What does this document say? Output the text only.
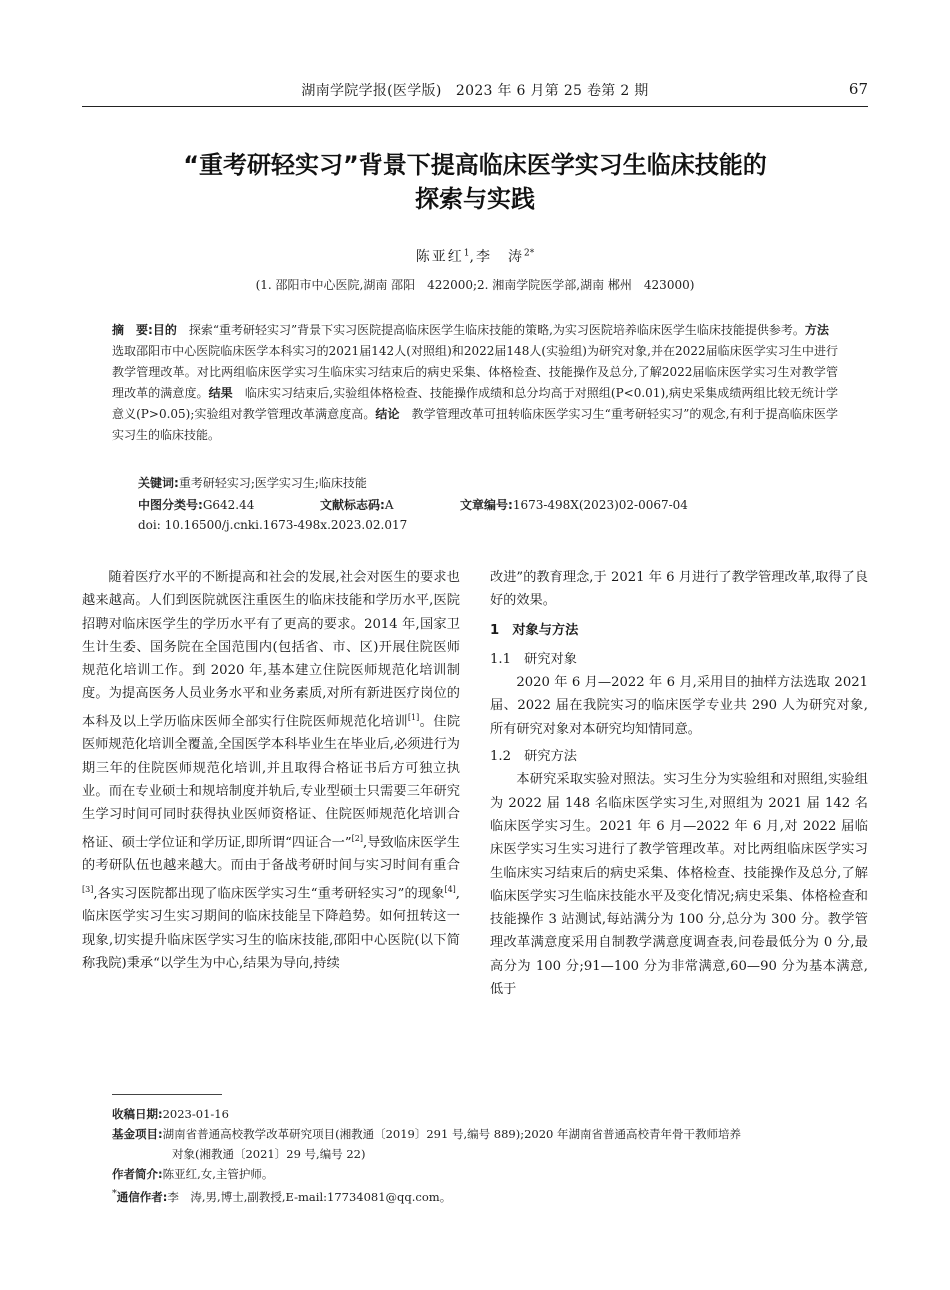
湖南学院学报(医学版)　2023 年 6 月第 25 卷第 2 期	67
“重考研轻实习”背景下提高临床医学实习生临床技能的
探索与实践
陈亚红$^1$,李　涛$^{2*}$
(1. 邵阳市中心医院,湖南 邵阳　422000;2. 湘南学院医学部,湖南 郴州　423000)
摘　要:目的　探索“重考研轻实习”背景下实习医院提高临床医学生临床技能的策略,为实习医院培养临床医学生临床技能提供参考。方法　选取邵阳市中心医院临床医学本科实习的2021届142人(对照组)和2022届148人(实验组)为研究对象,并在2022届临床医学实习生中进行教学管理改革。对比两组临床医学实习生临床实习结束后的病史采集、体格检查、技能操作及总分,了解2022届临床医学实习生对教学管理改革的满意度。结果　临床实习结束后,实验组体格检查、技能操作成绩和总分均高于对照组(P<0.01),病史采集成绩两组比较无统计学意义(P>0.05);实验组对教学管理改革满意度高。结论　教学管理改革可扭转临床医学实习生“重考研轻实习”的观念,有利于提高临床医学实习生的临床技能。
关键词:重考研轻实习;医学实习生;临床技能
中图分类号:G642.44	文献标志码:A	文章编号:1673-498X(2023)02-0067-04
doi: 10.16500/j.cnki.1673-498x.2023.02.017

随着医疗水平的不断提高和社会的发展,社会对医生的要求也越来越高。人们到医院就医注重医生的临床技能和学历水平,医院招聘对临床医学生的学历水平有了更高的要求。2014 年,国家卫生计生委、国务院在全国范围内(包括省、市、区)开展住院医师规范化培训工作。到 2020 年,基本建立住院医师规范化培训制度。为提高医务人员业务水平和业务素质,对所有新进医疗岗位的本科及以上学历临床医师全部实行住院医师规范化培训[1]。住院医师规范化培训全覆盖,全国医学本科毕业生在毕业后,必须进行为期三年的住院医师规范化培训,并且取得合格证书后方可独立执业。而在专业硕士和规培制度并轨后,专业型硕士只需要三年研究生学习时间可同时获得执业医师资格证、住院医师规范化培训合格证、硕士学位证和学历证,即所谓“四证合一”[2],导致临床医学生的考研队伍也越来越大。而由于备战考研时间与实习时间有重合[3],各实习医院都出现了临床医学实习生“重考研轻实习”的现象[4],临床医学实习生实习期间的临床技能呈下降趋势。如何扭转这一现象,切实提升临床医学实习生的临床技能,邵阳中心医院(以下简称我院)秉承“以学生为中心,结果为导向,持续

改进”的教育理念,于 2021 年 6 月进行了教学管理改革,取得了良好的效果。

1　对象与方法

1.1　研究对象

2020 年 6 月—2022 年 6 月,采用目的抽样方法选取 2021 届、2022 届在我院实习的临床医学专业共 290 人为研究对象,所有研究对象对本研究均知情同意。

1.2　研究方法

本研究采取实验对照法。实习生分为实验组和对照组,实验组为 2022 届 148 名临床医学实习生,对照组为 2021 届 142 名临床医学实习生。2021 年 6 月—2022 年 6 月,对 2022 届临床医学实习生实习进行了教学管理改革。对比两组临床医学实习生临床实习结束后的病史采集、体格检查、技能操作及总分,了解临床医学实习生临床技能水平及变化情况;病史采集、体格检查和技能操作 3 站测试,每站满分为 100 分,总分为 300 分。教学管理改革满意度采用自制教学满意度调查表,问卷最低分为 0 分,最高分为 100 分;91—100 分为非常满意,60—90 分为基本满意,低于

收稿日期:2023-01-16

基金项目:湖南省普通高校教学改革研究项目(湘教通〔2019〕291 号,编号 889);2020 年湖南省普通高校青年骨干教师培养

对象(湘教通〔2021〕29 号,编号 22)

作者简介:陈亚红,女,主管护师。

*通信作者:李　涛,男,博士,副教授,E-mail:17734081@qq.com。
